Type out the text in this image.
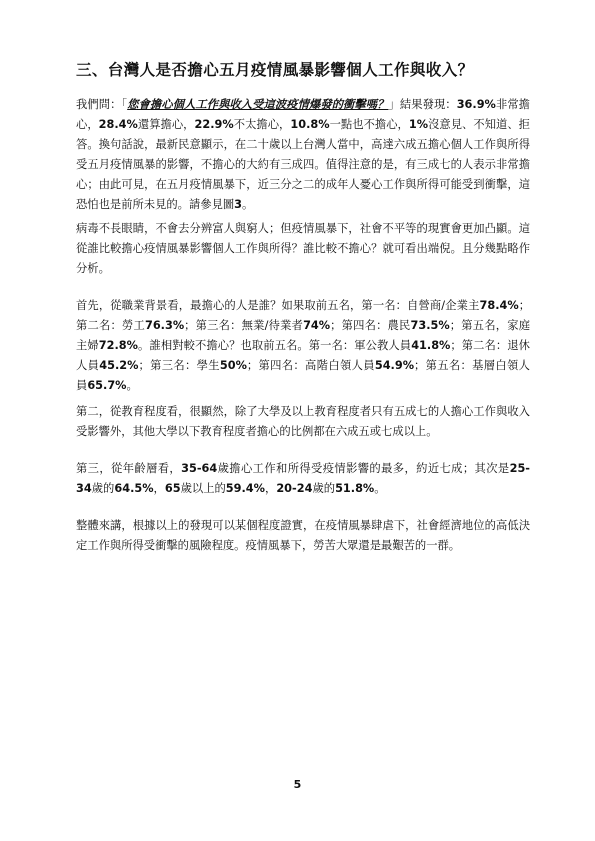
三、台灣人是否擔心五月疫情風暴影響個人工作與收入？
我們問：「您會擔心個人工作與收入受這波疫情爆發的衝擊嗎？」結果發現：36.9%非常擔心，28.4%還算擔心，22.9%不太擔心，10.8%一點也不擔心，1%沒意見、不知道、拒答。換句話說，最新民意顯示，在二十歲以上台灣人當中，高達六成五擔心個人工作與所得受五月疫情風暴的影響，不擔心的大約有三成四。值得注意的是，有三成七的人表示非常擔心；由此可見，在五月疫情風暴下，近三分之二的成年人憂心工作與所得可能受到衝擊，這恐怕也是前所未見的。請參見圖3。
病毒不長眼睛，不會去分辨富人與窮人；但疫情風暴下，社會不平等的現實會更加凸顯。這從誰比較擔心疫情風暴影響個人工作與所得？誰比較不擔心？就可看出端倪。且分幾點略作分析。
首先，從職業背景看，最擔心的人是誰？如果取前五名，第一名：自營商/企業主78.4%；第二名：勞工76.3%；第三名：無業/待業者74%；第四名：農民73.5%；第五名，家庭主婦72.8%。誰相對較不擔心？也取前五名。第一名：軍公教人員41.8%；第二名：退休人員45.2%；第三名：學生50%；第四名：高階白領人員54.9%；第五名：基層白領人員65.7%。
第二，從教育程度看，很顯然，除了大學及以上教育程度者只有五成七的人擔心工作與收入受影響外，其他大學以下教育程度者擔心的比例都在六成五或七成以上。
第三，從年齡層看，35-64歲擔心工作和所得受疫情影響的最多，約近七成；其次是25-34歲的64.5%，65歲以上的59.4%，20-24歲的51.8%。
整體來講，根據以上的發現可以某個程度證實，在疫情風暴肆虐下，社會經濟地位的高低決定工作與所得受衝擊的風險程度。疫情風暴下，勞苦大眾還是最艱苦的一群。
5
